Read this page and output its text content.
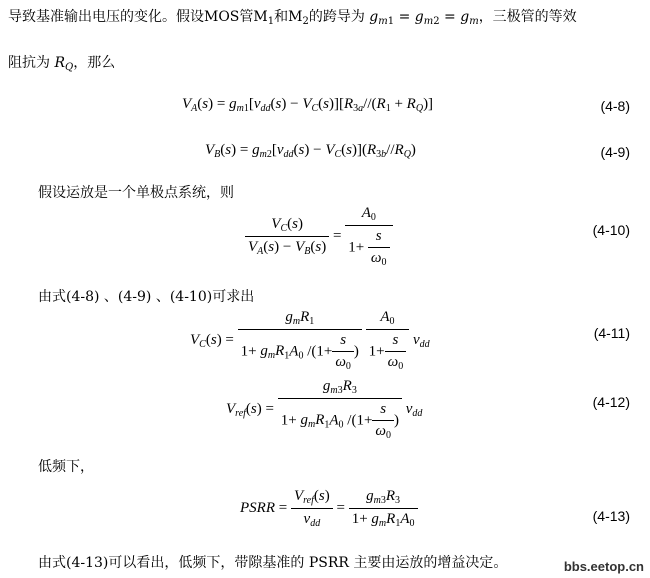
导致基准输出电压的变化。假设MOS管$M_1$和$M_2$的跨导为 $g_{m1} = g_{m2} = g_m$，三极管的等效
阻抗为 $R_Q$，那么
$V_A(s) = g_{m1}[v_{dd}(s) - V_C(s)][R_{3a}//(R_1 + R_Q)]$	(4-8)
$V_B(s) = g_{m2}[v_{dd}(s) - V_C(s)](R_{3b}//R_Q)$	(4-9)
假设运放是一个单极点系统，则
$\frac{V_C(s)}{V_A(s) - V_B(s)} = \frac{A_0}{1+ \frac{s}{\omega_0}}$	(4-10)
由式(4-8) 、(4-9) 、(4-10)可求出
$V_C(s) = \frac{g_mR_1}{1+ g_mR_1A_0 /(1+ \frac{s}{\omega_0} )}$
$\frac{A_0}{1+ \frac{s}{\omega_0}} v_{dd}$
(4-11)
$V_{ref}(s) = \frac{g_{m3}R_3}{1+ g_mR_1A_0 /(1+ \frac{s}{\omega_0} )} v_{dd}$
(4-12)
低频下，
PSRR = $\frac{V_{ref}(s)}{v_{dd}} = \frac{g_{m3}R_3}{1+ g_mR_1A_0}$	(4-13)
由式(4-13)可以看出，低频下，带隙基准的 PSRR 主要由运放的增益决定。	bbs.eetop.cn
